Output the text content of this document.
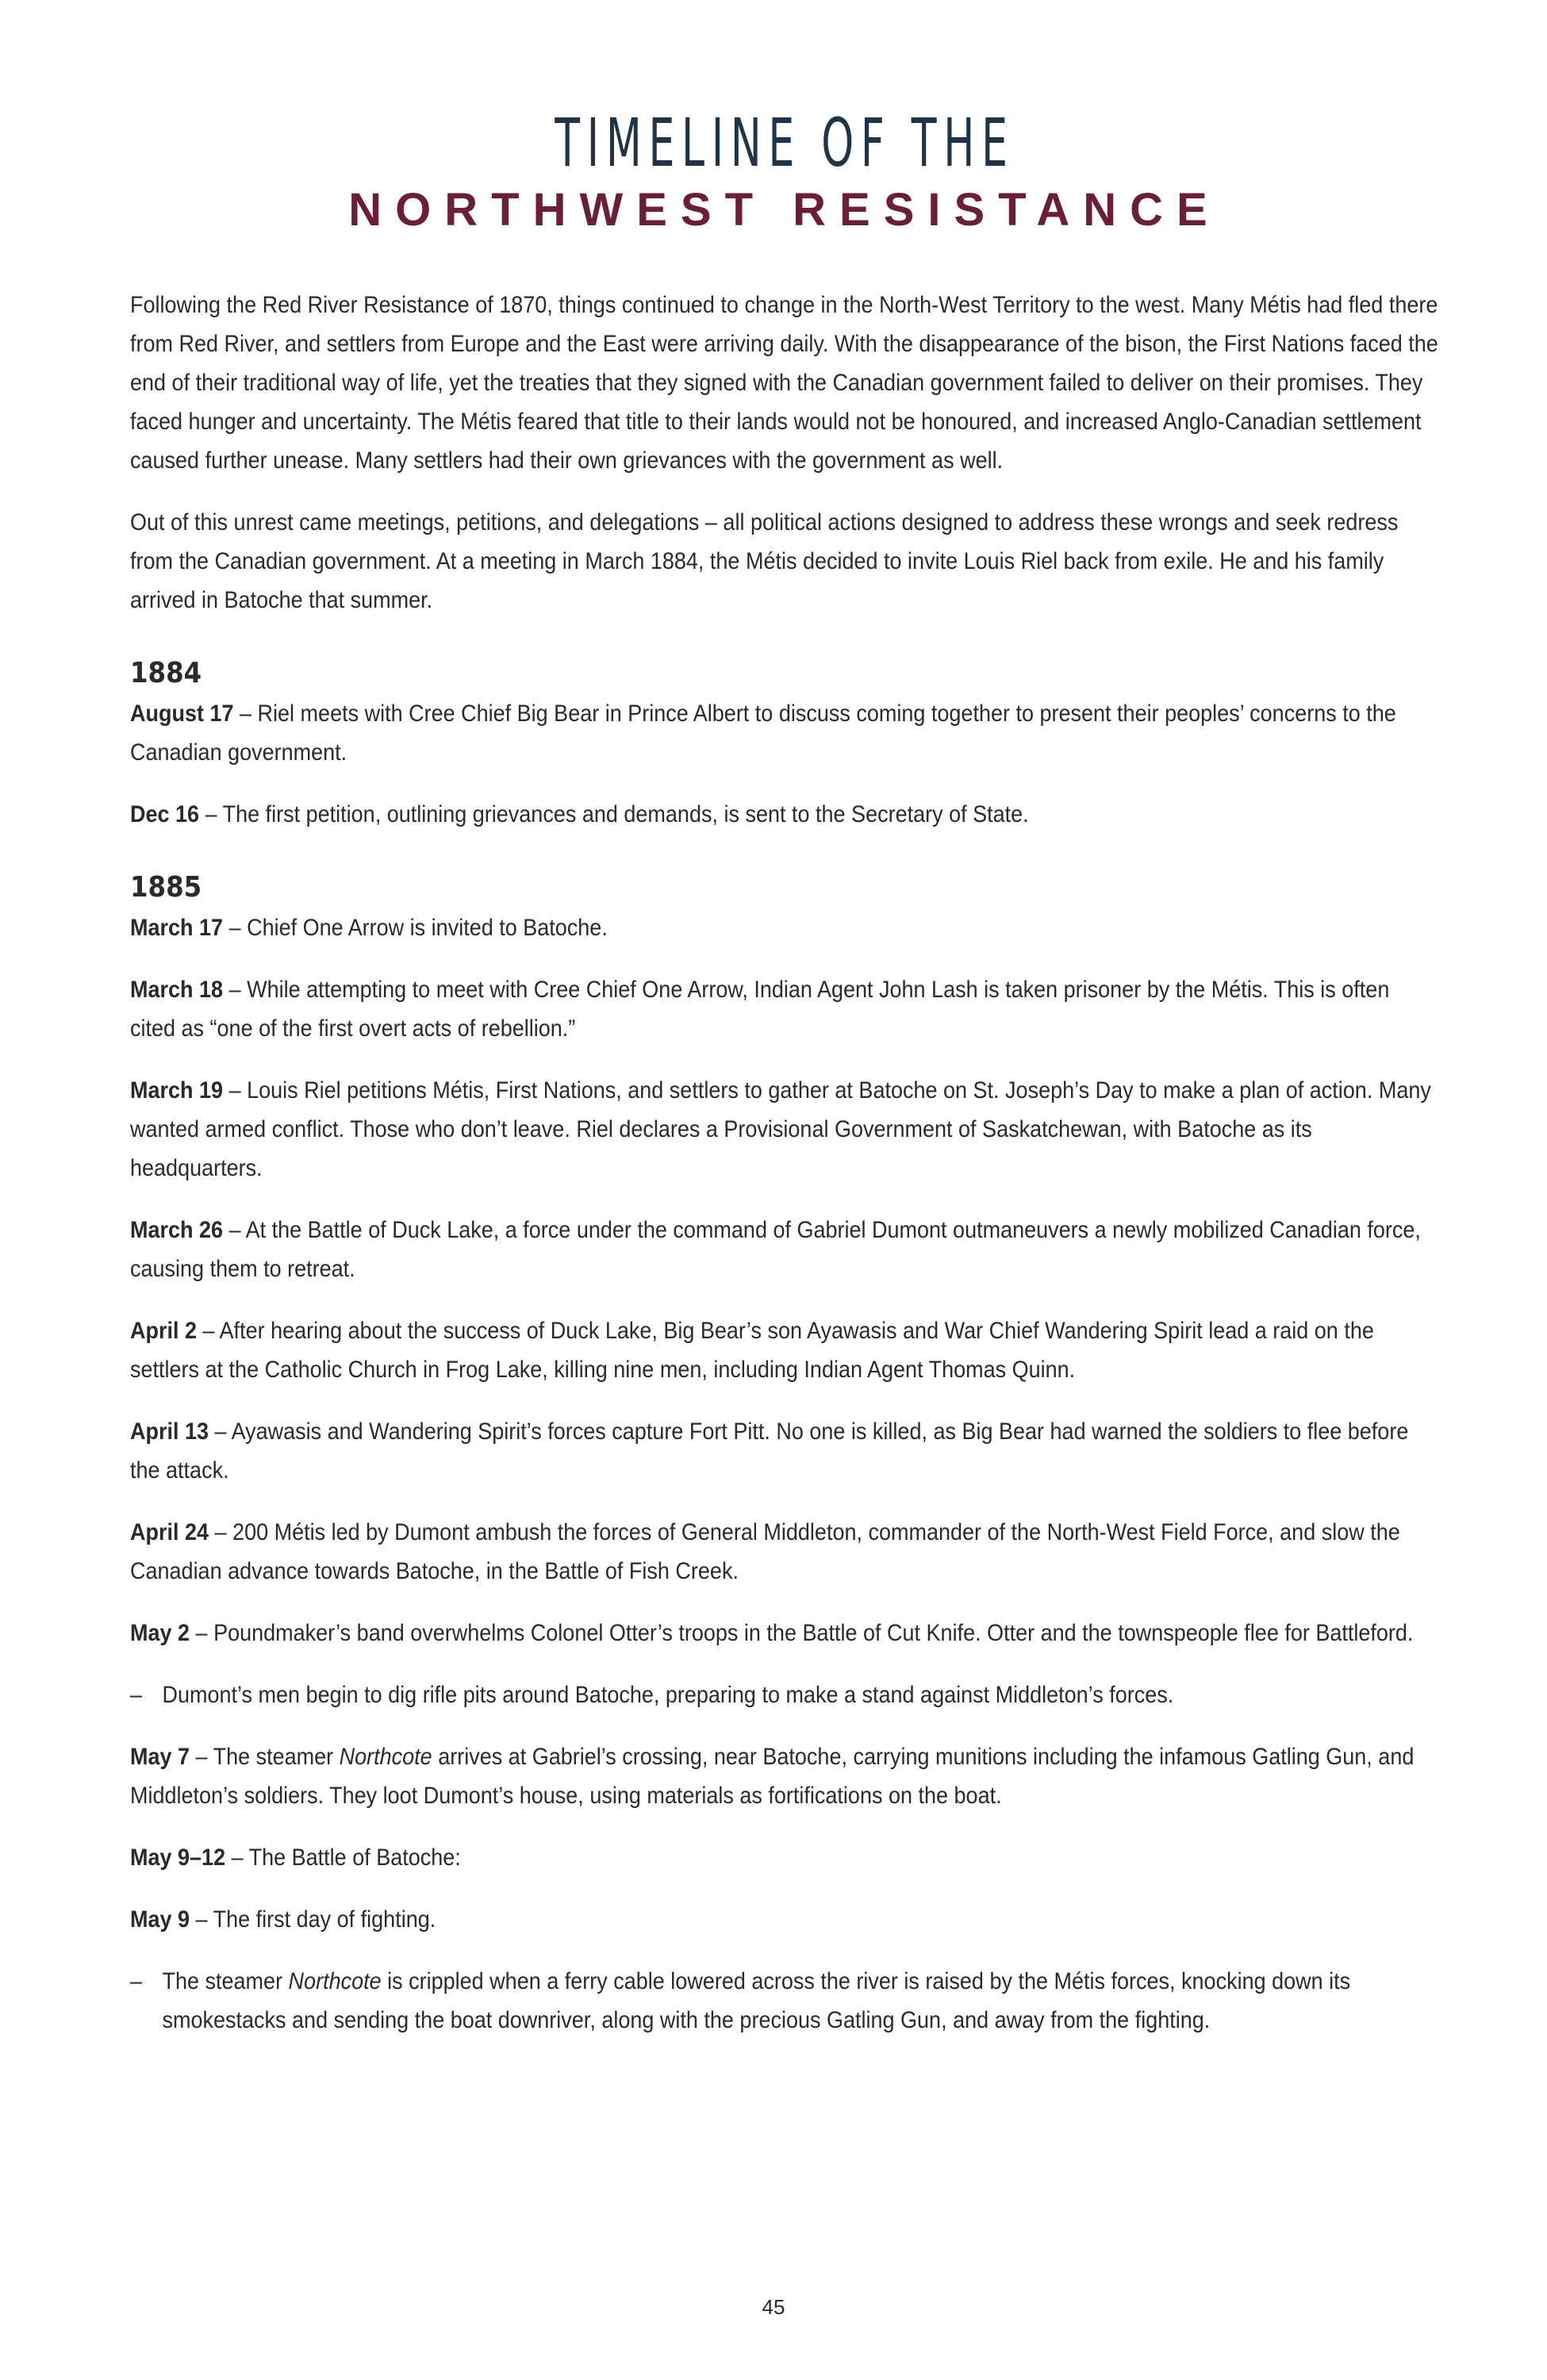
TIMELINE OF THE
NORTHWEST RESISTANCE

Following the Red River Resistance of 1870, things continued to change in the North-West Territory to the west. Many Métis had fled there from Red River, and settlers from Europe and the East were arriving daily. With the disappearance of the bison, the First Nations faced the end of their traditional way of life, yet the treaties that they signed with the Canadian government failed to deliver on their promises. They faced hunger and uncertainty. The Métis feared that title to their lands would not be honoured, and increased Anglo-Canadian settlement caused further unease. Many settlers had their own grievances with the government as well.

Out of this unrest came meetings, petitions, and delegations – all political actions designed to address these wrongs and seek redress from the Canadian government. At a meeting in March 1884, the Métis decided to invite Louis Riel back from exile. He and his family arrived in Batoche that summer.

1884

August 17 – Riel meets with Cree Chief Big Bear in Prince Albert to discuss coming together to present their peoples’ concerns to the Canadian government.

Dec 16 – The first petition, outlining grievances and demands, is sent to the Secretary of State.

1885

March 17 – Chief One Arrow is invited to Batoche.

March 18 – While attempting to meet with Cree Chief One Arrow, Indian Agent John Lash is taken prisoner by the Métis. This is often cited as “one of the first overt acts of rebellion.”

March 19 – Louis Riel petitions Métis, First Nations, and settlers to gather at Batoche on St. Joseph’s Day to make a plan of action. Many wanted armed conflict. Those who don’t leave. Riel declares a Provisional Government of Saskatchewan, with Batoche as its headquarters.

March 26 – At the Battle of Duck Lake, a force under the command of Gabriel Dumont outmaneuvers a newly mobilized Canadian force, causing them to retreat.

April 2 – After hearing about the success of Duck Lake, Big Bear’s son Ayawasis and War Chief Wandering Spirit lead a raid on the settlers at the Catholic Church in Frog Lake, killing nine men, including Indian Agent Thomas Quinn.

April 13 – Ayawasis and Wandering Spirit’s forces capture Fort Pitt. No one is killed, as Big Bear had warned the soldiers to flee before the attack.

April 24 – 200 Métis led by Dumont ambush the forces of General Middleton, commander of the North-West Field Force, and slow the Canadian advance towards Batoche, in the Battle of Fish Creek.

May 2 – Poundmaker’s band overwhelms Colonel Otter’s troops in the Battle of Cut Knife. Otter and the townspeople flee for Battleford.

– Dumont’s men begin to dig rifle pits around Batoche, preparing to make a stand against Middleton’s forces.

May 7 – The steamer Northcote arrives at Gabriel’s crossing, near Batoche, carrying munitions including the infamous Gatling Gun, and Middleton’s soldiers. They loot Dumont’s house, using materials as fortifications on the boat.

May 9–12 – The Battle of Batoche:

May 9 – The first day of fighting.

– The steamer Northcote is crippled when a ferry cable lowered across the river is raised by the Métis forces, knocking down its smokestacks and sending the boat downriver, along with the precious Gatling Gun, and away from the fighting.
45
